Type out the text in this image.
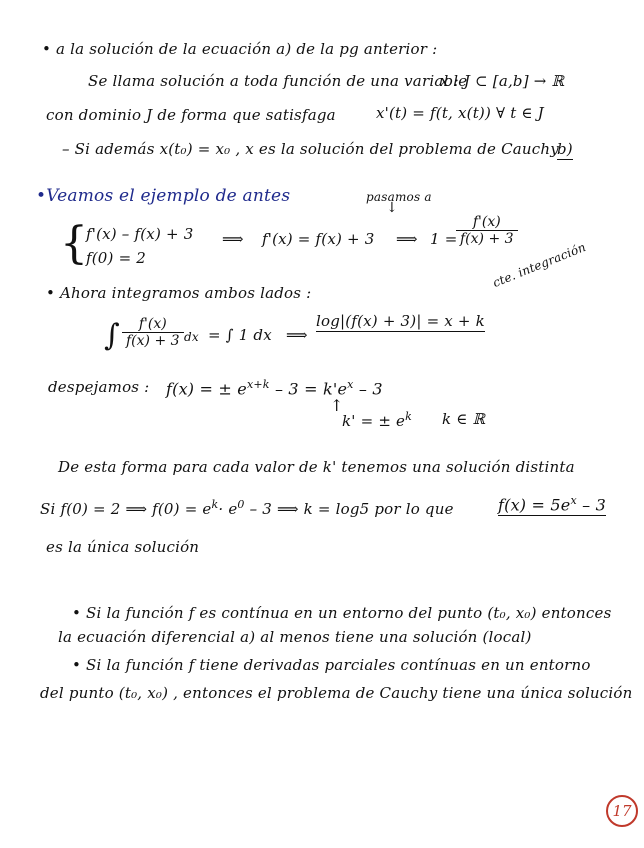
• a la solución de la ecuación a) de la pg anterior :
Se llama solución a toda función de una variable
x : J ⊂ [a,b] → ℝ
con dominio J de forma que satisfaga	x'(t) = f(t, x(t)) ∀ t ∈ J
– Si además x(t₀) = x₀ , x es la solución del problema de Cauchy
b)
•Veamos el ejemplo de antes	pasamos a
↓
{
f'(x) – f(x) + 3
f(0) = 2
⟹ f'(x) = f(x) + 3 ⟹ 1 =
$\frac{f'(x)}{f(x) + 3}$
• Ahora integramos ambos lados :
∫ $\frac{f'(x)}{f(x) + 3}$ dx = ∫ 1 dx ⟹
log|(f(x) + 3)| = x + k
cte. integración
despejamos : f(x) = ± $e^{x+k} - 3 = k'e^x - 3$
↑
k' = ± $e^k$ k ∈ ℝ
De esta forma para cada valor de k' tenemos una solución distinta
Si f(0) = 2 ⟹ $f(0) = e^k\cdot e^0 - 3$ ⟹ k = log5 por lo que	$f(x) = 5e^x - 3$
es la única solución
• Si la función f es contínua en un entorno del punto (t₀, x₀) entonces
la ecuación diferencial a) al menos tiene una solución (local)
• Si la función f tiene derivadas parciales contínuas en un entorno
del punto (t₀, x₀) , entonces el problema de Cauchy tiene una única solución
17
